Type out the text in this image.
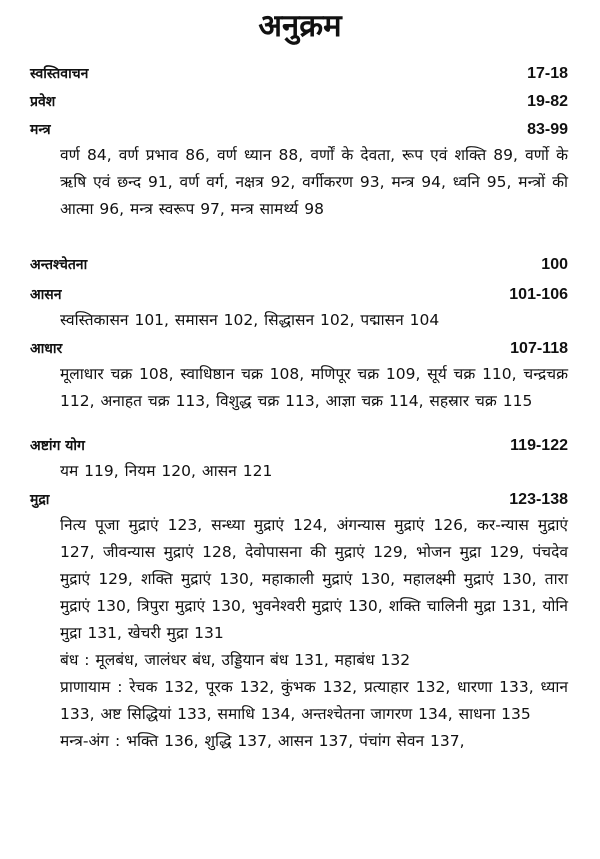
अनुक्रम
स्वस्तिवाचन	17-18
प्रवेश	19-82
मन्त्र	83-99

वर्ण 84, वर्ण प्रभाव 86, वर्ण ध्यान 88, वर्णों के देवता, रूप एवं शक्ति 89, वर्णो के ऋषि एवं छन्द 91, वर्ण वर्ग, नक्षत्र 92, वर्गीकरण 93, मन्त्र 94, ध्वनि 95, मन्त्रों की आत्मा 96, मन्त्र स्वरूप 97, मन्त्र सामर्थ्य 98

अन्तश्चेतना	100
आसन	101-106

स्वस्तिकासन 101, समासन 102, सिद्धासन 102, पद्मासन 104

आधार	107-118

मूलाधार चक्र 108, स्वाधिष्ठान चक्र 108, मणिपूर चक्र 109, सूर्य चक्र 110, चन्द्रचक्र 112, अनाहत चक्र 113, विशुद्ध चक्र 113, आज्ञा चक्र 114, सहस्रार चक्र 115

अष्टांग योग	119-122

यम 119, नियम 120, आसन 121

मुद्रा	123-138

नित्य पूजा मुद्राएं 123, सन्ध्या मुद्राएं 124, अंगन्यास मुद्राएं 126, कर-न्यास मुद्राएं 127, जीवन्यास मुद्राएं 128, देवोपासना की मुद्राएं 129, भोजन मुद्रा 129, पंचदेव मुद्राएं 129, शक्ति मुद्राएं 130, महाकाली मुद्राएं 130, महालक्ष्मी मुद्राएं 130, तारा मुद्राएं 130, त्रिपुरा मुद्राएं 130, भुवनेश्वरी मुद्राएं 130, शक्ति चालिनी मुद्रा 131, योनि मुद्रा 131, खेचरी मुद्रा 131

बंध : मूलबंध, जालंधर बंध, उड्डियान बंध 131, महाबंध 132

प्राणायाम : रेचक 132, पूरक 132, कुंभक 132, प्रत्याहार 132, धारणा 133, ध्यान 133, अष्ट सिद्धियां 133, समाधि 134, अन्तश्चेतना जागरण 134, साधना 135

मन्त्र-अंग : भक्ति 136, शुद्धि 137, आसन 137, पंचांग सेवन 137,
